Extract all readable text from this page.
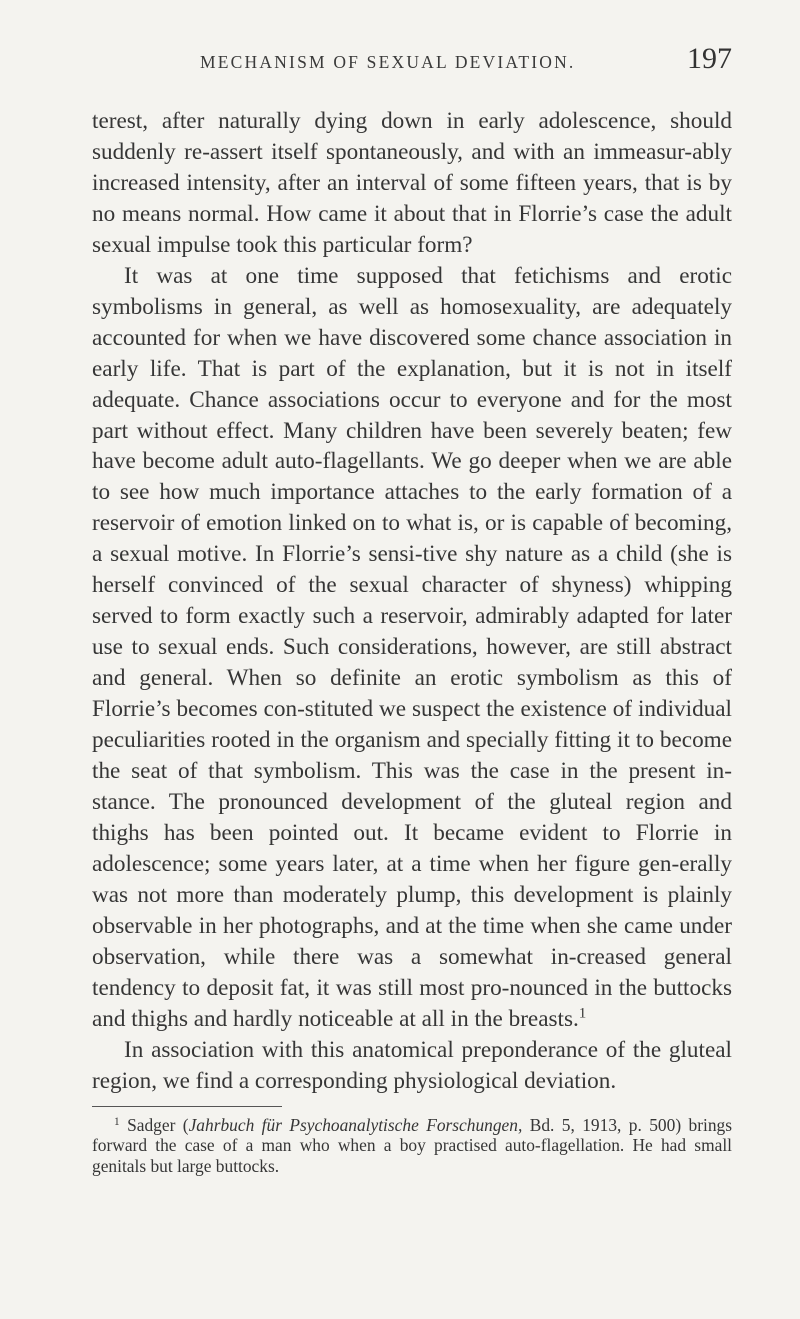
MECHANISM OF SEXUAL DEVIATION.	197

terest, after naturally dying down in early adolescence, should suddenly re-assert itself spontaneously, and with an immeasur-ably increased intensity, after an interval of some fifteen years, that is by no means normal. How came it about that in Florrie’s case the adult sexual impulse took this particular form?

It was at one time supposed that fetichisms and erotic symbolisms in general, as well as homosexuality, are adequately accounted for when we have discovered some chance association in early life. That is part of the explanation, but it is not in itself adequate. Chance associations occur to everyone and for the most part without effect. Many children have been severely beaten; few have become adult auto-flagellants. We go deeper when we are able to see how much importance attaches to the early formation of a reservoir of emotion linked on to what is, or is capable of becoming, a sexual motive. In Florrie’s sensi-tive shy nature as a child (she is herself convinced of the sexual character of shyness) whipping served to form exactly such a reservoir, admirably adapted for later use to sexual ends. Such considerations, however, are still abstract and general. When so definite an erotic symbolism as this of Florrie’s becomes con-stituted we suspect the existence of individual peculiarities rooted in the organism and specially fitting it to become the seat of that symbolism. This was the case in the present in-stance. The pronounced development of the gluteal region and thighs has been pointed out. It became evident to Florrie in adolescence; some years later, at a time when her figure gen-erally was not more than moderately plump, this development is plainly observable in her photographs, and at the time when she came under observation, while there was a somewhat in-creased general tendency to deposit fat, it was still most pro-nounced in the buttocks and thighs and hardly noticeable at all in the breasts.$^1$

In association with this anatomical preponderance of the gluteal region, we find a corresponding physiological deviation.

$^1$ Sadger (Jahrbuch für Psychoanalytische Forschungen, Bd. 5, 1913, p. 500) brings forward the case of a man who when a boy practised auto-flagellation. He had small genitals but large buttocks.
